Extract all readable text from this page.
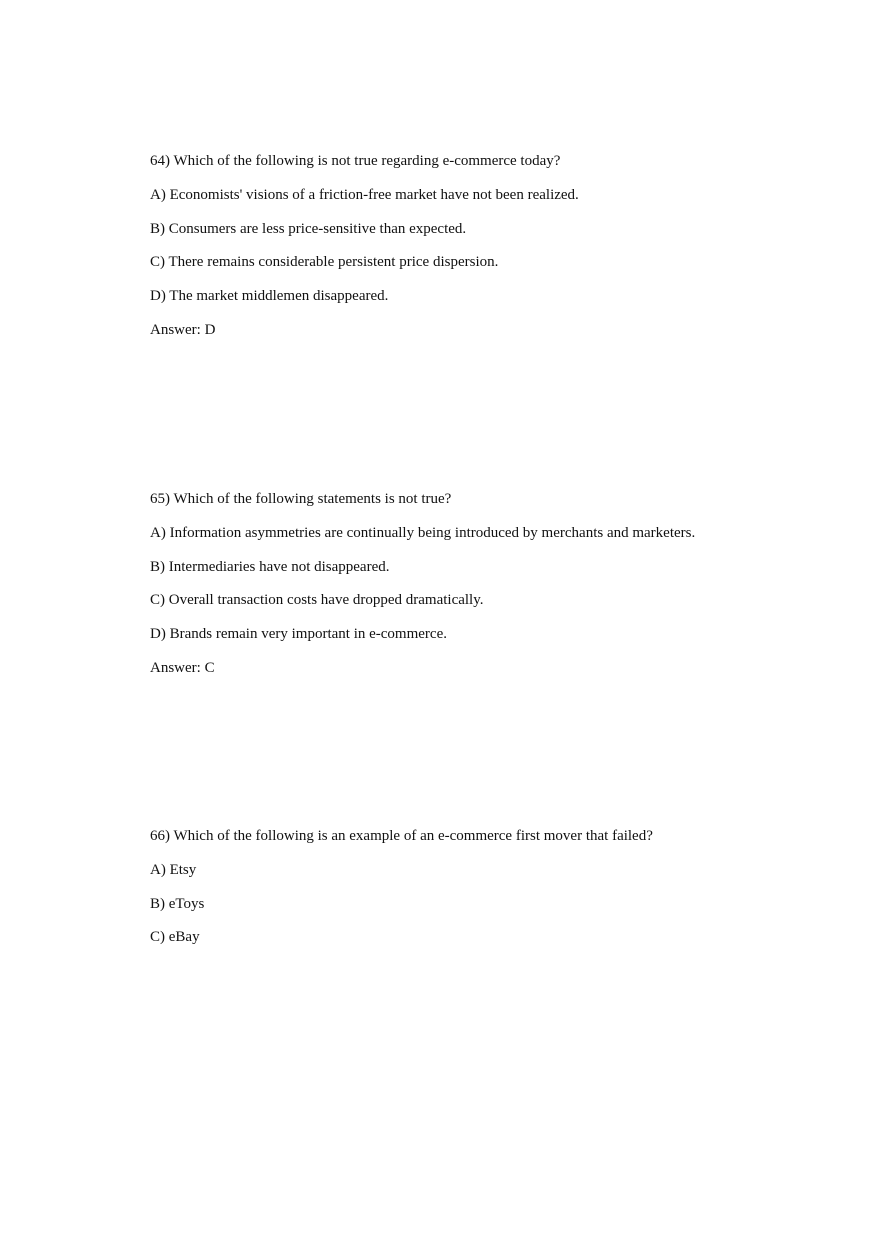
64) Which of the following is not true regarding e-commerce today?
A) Economists' visions of a friction-free market have not been realized.
B) Consumers are less price-sensitive than expected.
C) There remains considerable persistent price dispersion.
D) The market middlemen disappeared.
Answer: D
65) Which of the following statements is not true?
A) Information asymmetries are continually being introduced by merchants and marketers.
B) Intermediaries have not disappeared.
C) Overall transaction costs have dropped dramatically.
D) Brands remain very important in e-commerce.
Answer: C
66) Which of the following is an example of an e-commerce first mover that failed?
A) Etsy
B) eToys
C) eBay
